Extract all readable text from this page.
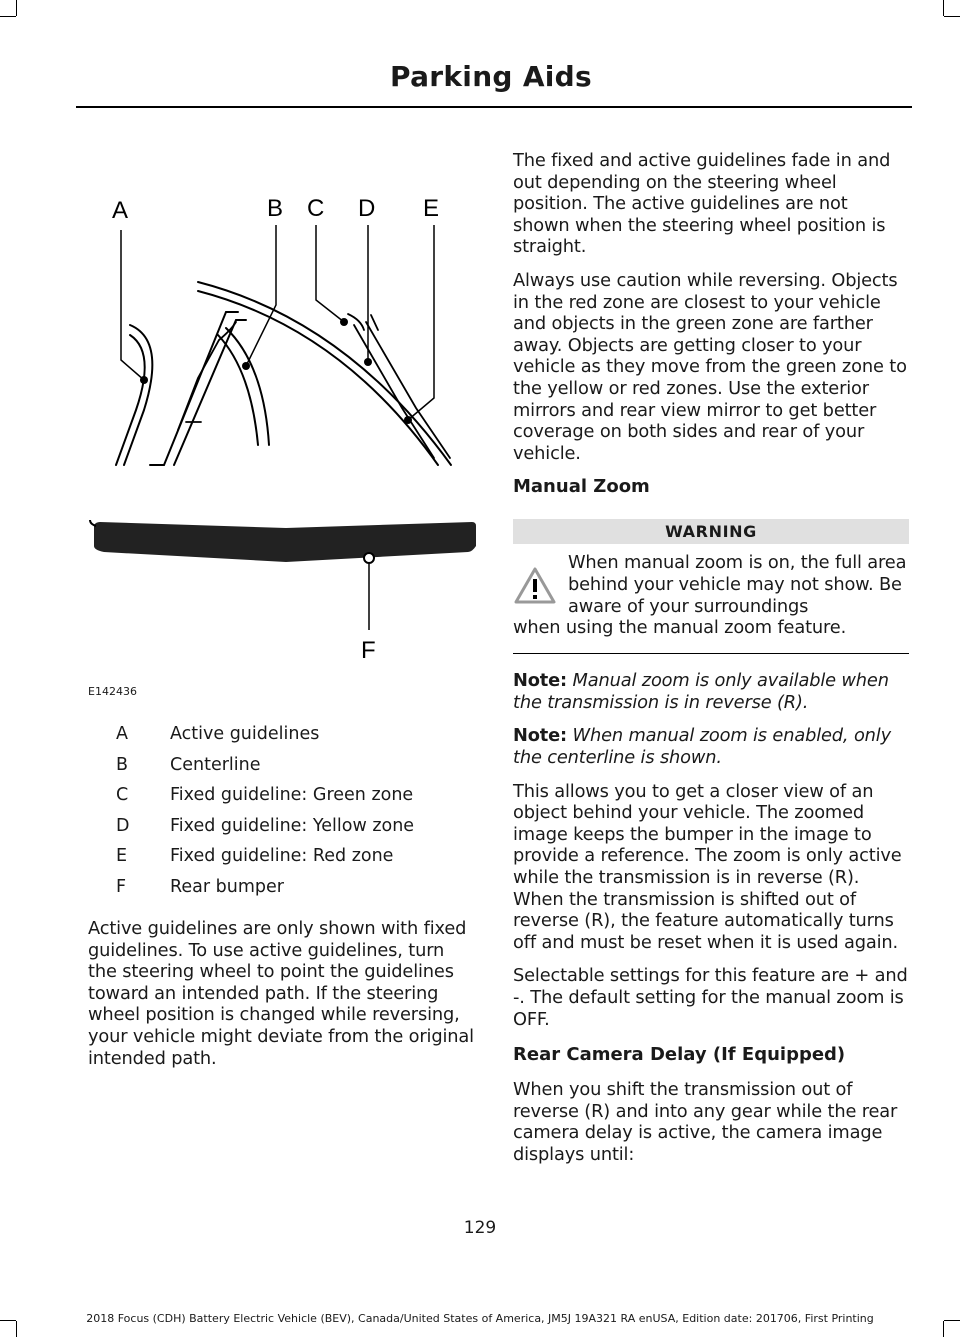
Parking Aids
A	B C D E
F
E142436
A	Active guidelines
B	Centerline
C	Fixed guideline: Green zone
D	Fixed guideline: Yellow zone
E	Fixed guideline: Red zone
F	Rear bumper

Active guidelines are only shown with fixed guidelines. To use active guidelines, turn the steering wheel to point the guidelines toward an intended path. If the steering wheel position is changed while reversing, your vehicle might deviate from the original intended path.

The fixed and active guidelines fade in and out depending on the steering wheel position. The active guidelines are not shown when the steering wheel position is straight.

Always use caution while reversing. Objects in the red zone are closest to your vehicle and objects in the green zone are farther away. Objects are getting closer to your vehicle as they move from the green zone to the yellow or red zones. Use the exterior mirrors and rear view mirror to get better coverage on both sides and rear of your vehicle.

Manual Zoom
WARNING
When manual zoom is on, the full area behind your vehicle may not show. Be aware of your surroundings
when using the manual zoom feature.

Note: Manual zoom is only available when the transmission is in reverse (R).

Note: When manual zoom is enabled, only the centerline is shown.

This allows you to get a closer view of an object behind your vehicle. The zoomed image keeps the bumper in the image to provide a reference. The zoom is only active while the transmission is in reverse (R). When the transmission is shifted out of reverse (R), the feature automatically turns off and must be reset when it is used again.

Selectable settings for this feature are + and -. The default setting for the manual zoom is OFF.

Rear Camera Delay (If Equipped)

When you shift the transmission out of reverse (R) and into any gear while the rear camera delay is active, the camera image displays until:

129
2018 Focus (CDH) Battery Electric Vehicle (BEV), Canada/United States of America, JM5J 19A321 RA enUSA, Edition date: 201706, First Printing
